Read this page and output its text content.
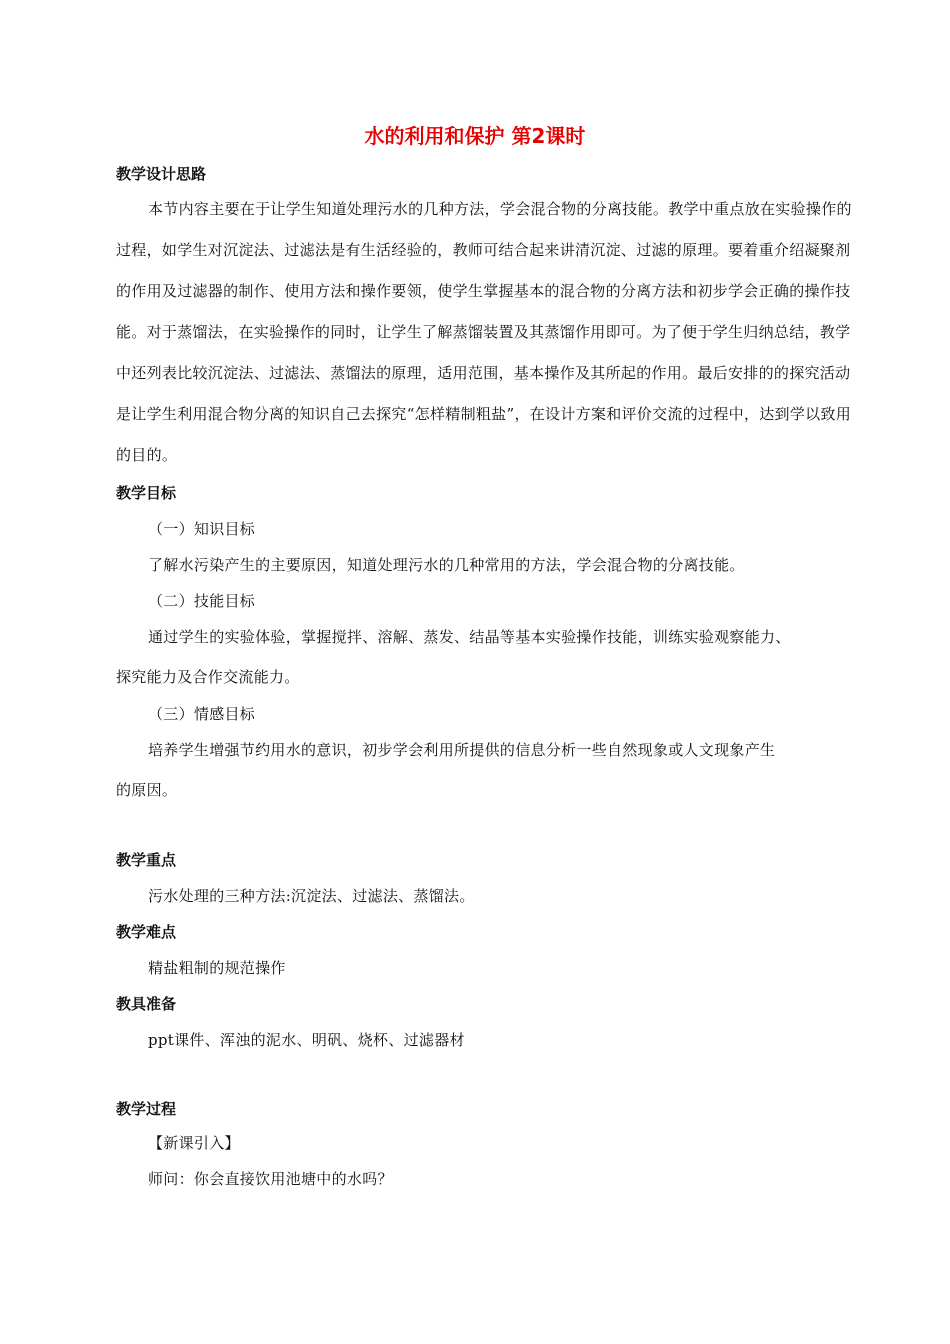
水的利用和保护 第2课时
教学设计思路
本节内容主要在于让学生知道处理污水的几种方法，学会混合物的分离技能。教学中重点放在实验操作的过程，如学生对沉淀法、过滤法是有生活经验的，教师可结合起来讲清沉淀、过滤的原理。要着重介绍凝聚剂的作用及过滤器的制作、使用方法和操作要领，使学生掌握基本的混合物的分离方法和初步学会正确的操作技能。对于蒸馏法，在实验操作的同时，让学生了解蒸馏装置及其蒸馏作用即可。为了便于学生归纳总结，教学中还列表比较沉淀法、过滤法、蒸馏法的原理，适用范围，基本操作及其所起的作用。最后安排的的探究活动是让学生利用混合物分离的知识自己去探究“怎样精制粗盐”，在设计方案和评价交流的过程中，达到学以致用的目的。
教学目标
（一）知识目标
了解水污染产生的主要原因，知道处理污水的几种常用的方法，学会混合物的分离技能。
（二）技能目标
通过学生的实验体验，掌握搅拌、溶解、蒸发、结晶等基本实验操作技能，训练实验观察能力、
探究能力及合作交流能力。
（三）情感目标
培养学生增强节约用水的意识，初步学会利用所提供的信息分析一些自然现象或人文现象产生
的原因。
教学重点
污水处理的三种方法:沉淀法、过滤法、蒸馏法。
教学难点
精盐粗制的规范操作
教具准备
ppt课件、浑浊的泥水、明矾、烧杯、过滤器材
教学过程
【新课引入】
师问：你会直接饮用池塘中的水吗？
